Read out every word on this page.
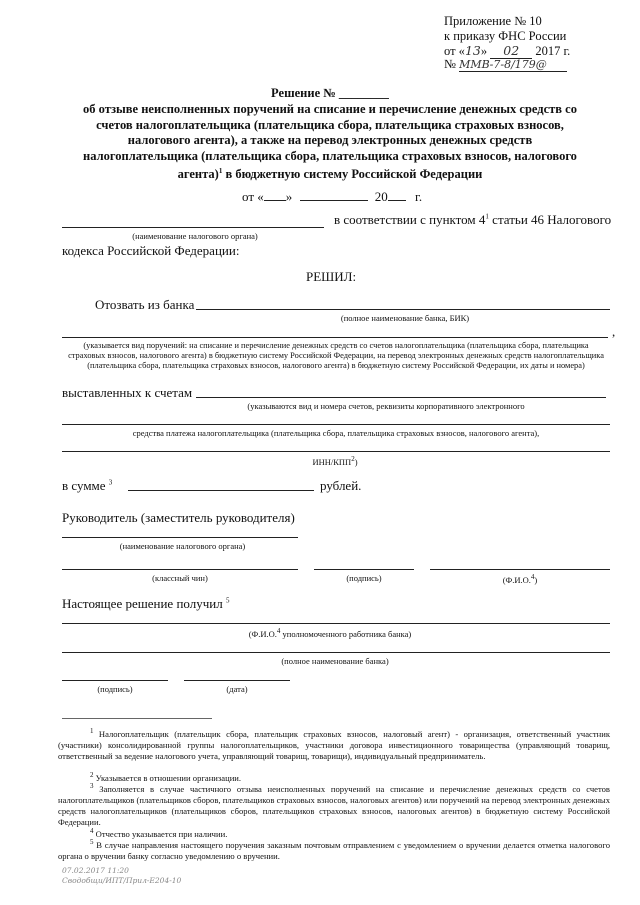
Приложение № 10
к приказу ФНС России
от «13» 02 2017 г.
№ ММВ-7-8/179@
Решение № ________
об отзыве неисполненных поручений на списание и перечисление денежных средств со счетов налогоплательщика (плательщика сбора, плательщика страховых взносов, налогового агента), а также на перевод электронных денежных средств налогоплательщика (плательщика сбора, плательщика страховых взносов, налогового агента)$^1$ в бюджетную систему Российской Федерации
от « »	20 г.
в соответствии с пунктом $4^1$ статьи 46 Налогового
(наименование налогового органа)
кодекса Российской Федерации:
РЕШИЛ:
Отозвать из банка
(полное наименование банка, БИК)
,
(указывается вид поручений: на списание и перечисление денежных средств со счетов налогоплательщика (плательщика сбора, плательщика страховых взносов, налогового агента) в бюджетную систему Российской Федерации, на перевод электронных денежных средств налогоплательщика (плательщика сбора, плательщика страховых взносов, налогового агента) в бюджетную систему Российской Федерации, их даты и номера)
выставленных к счетам
(указываются вид и номера счетов, реквизиты корпоративного электронного
средства платежа налогоплательщика (плательщика сбора, плательщика страховых взносов, налогового агента),
ИНН/КПП$^2$)
в сумме $^3$	рублей.
Руководитель (заместитель руководителя)
(наименование налогового органа)
(классный чин)	(подпись)	(Ф.И.О.$^4$)
Настоящее решение получил $^5$
(Ф.И.О.$^4$ уполномоченного работника банка)
(полное наименование банка)
(подпись)	(дата)
$^1$ Налогоплательщик (плательщик сбора, плательщик страховых взносов, налоговый агент) - организация, ответственный участник (участники) консолидированной группы налогоплательщиков, участники договора инвестиционного товарищества (управляющий товарищ, ответственный за ведение налогового учета, управляющий товарищ, товарищи), индивидуальный предприниматель.
$^2$ Указывается в отношении организации.
$^3$ Заполняется в случае частичного отзыва неисполненных поручений на списание и перечисление денежных средств со счетов налогоплательщиков (плательщиков сборов, плательщиков страховых взносов, налоговых агентов) или поручений на перевод электронных денежных средств налогоплательщиков (плательщиков сборов, плательщиков страховых взносов, налоговых агентов) в бюджетную систему Российской Федерации.
$^4$ Отчество указывается при наличии.
$^5$ В случае направления настоящего поручения заказным почтовым отправлением с уведомлением о вручении делается отметка налогового органа о вручении банку согласно уведомлению о вручении.
07.02.2017 11:20
Сводобщи/ИПТ/Прил-Е204-10
